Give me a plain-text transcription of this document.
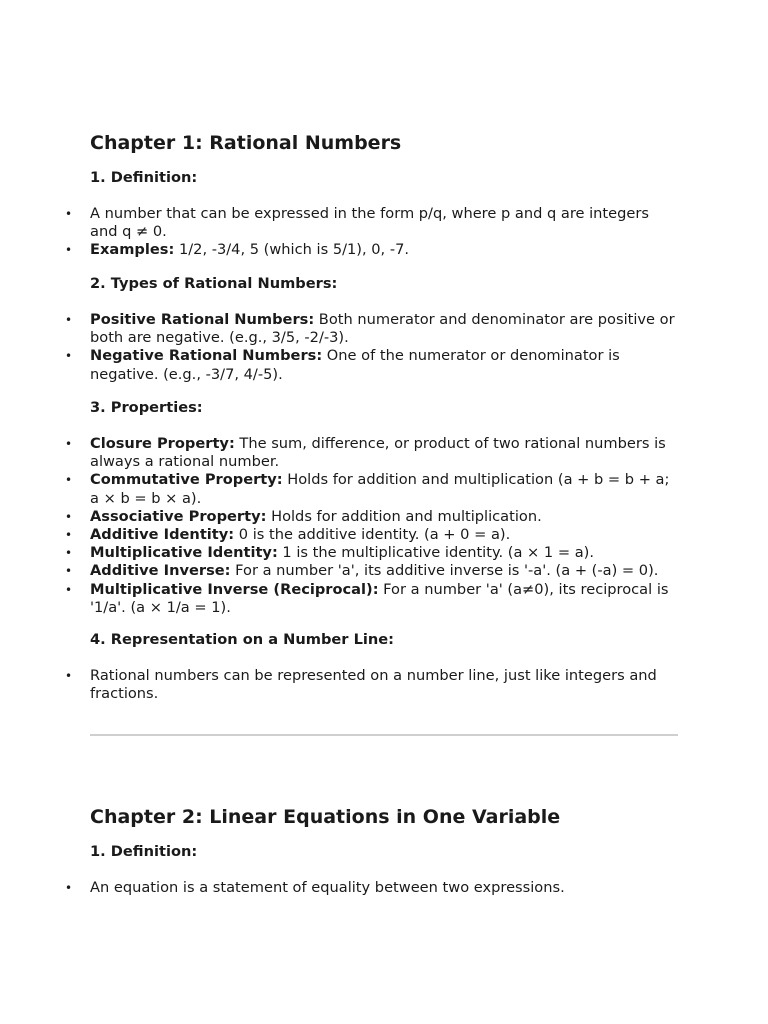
Chapter 1: Rational Numbers
1. Definition:
• A number that can be expressed in the form p/q, where p and q are integers and q ≠ 0.
• Examples: 1/2, -3/4, 5 (which is 5/1), 0, -7.
2. Types of Rational Numbers:
• Positive Rational Numbers: Both numerator and denominator are positive or both are negative. (e.g., 3/5, -2/-3).
• Negative Rational Numbers: One of the numerator or denominator is negative. (e.g., -3/7, 4/-5).
3. Properties:
• Closure Property: The sum, difference, or product of two rational numbers is always a rational number.
• Commutative Property: Holds for addition and multiplication (a + b = b + a; a × b = b × a).
• Associative Property: Holds for addition and multiplication.
• Additive Identity: 0 is the additive identity. (a + 0 = a).
• Multiplicative Identity: 1 is the multiplicative identity. (a × 1 = a).
• Additive Inverse: For a number 'a', its additive inverse is '-a'. (a + (-a) = 0).
• Multiplicative Inverse (Reciprocal): For a number 'a' (a≠0), its reciprocal is '1/a'. (a × 1/a = 1).
4. Representation on a Number Line:
• Rational numbers can be represented on a number line, just like integers and fractions.
Chapter 2: Linear Equations in One Variable
1. Definition:
• An equation is a statement of equality between two expressions.
